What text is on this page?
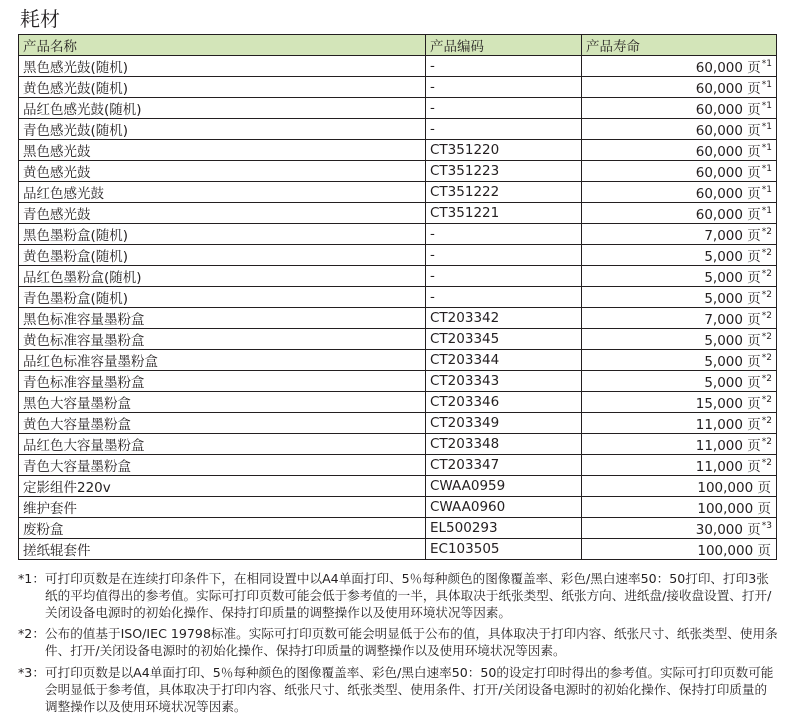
耗材
产品名称	产品编码	产品寿命
黑色感光鼓(随机)	-	60,000 页$^{*1}$
黄色感光鼓(随机)	-	60,000 页$^{*1}$
品红色感光鼓(随机)	-	60,000 页$^{*1}$
青色感光鼓(随机)	-	60,000 页$^{*1}$
黑色感光鼓	CT351220	60,000 页$^{*1}$
黄色感光鼓	CT351223	60,000 页$^{*1}$
品红色感光鼓	CT351222	60,000 页$^{*1}$
青色感光鼓	CT351221	60,000 页$^{*1}$
黑色墨粉盒(随机)	-	7,000 页$^{*2}$
黄色墨粉盒(随机)	-	5,000 页$^{*2}$
品红色墨粉盒(随机)	-	5,000 页$^{*2}$
青色墨粉盒(随机)	-	5,000 页$^{*2}$
黑色标准容量墨粉盒	CT203342	7,000 页$^{*2}$
黄色标准容量墨粉盒	CT203345	5,000 页$^{*2}$
品红色标准容量墨粉盒	CT203344	5,000 页$^{*2}$
青色标准容量墨粉盒	CT203343	5,000 页$^{*2}$
黑色大容量墨粉盒	CT203346	15,000 页$^{*2}$
黄色大容量墨粉盒	CT203349	11,000 页$^{*2}$
品红色大容量墨粉盒	CT203348	11,000 页$^{*2}$
青色大容量墨粉盒	CT203347	11,000 页$^{*2}$
定影组件220v	CWAA0959	100,000 页
维护套件	CWAA0960	100,000 页
废粉盒	EL500293	30,000 页$^{*3}$
搓纸辊套件	EC103505	100,000 页
*1： 可打印页数是在连续打印条件下，在相同设置中以A4单面打印、5％每种颜色的图像覆盖率、彩色/黑白速率50：50打印、打印3张纸的平均值得出的参考值。实际可打印页数可能会低于参考值的一半，具体取决于纸张类型、纸张方向、进纸盘/接收盘设置、打开/关闭设备电源时的初始化操作、保持打印质量的调整操作以及使用环境状况等因素。
*2： 公布的值基于ISO/IEC 19798标准。实际可打印页数可能会明显低于公布的值，具体取决于打印内容、纸张尺寸、纸张类型、使用条件、打开/关闭设备电源时的初始化操作、保持打印质量的调整操作以及使用环境状况等因素。
*3： 可打印页数是以A4单面打印、5％每种颜色的图像覆盖率、彩色/黑白速率50：50的设定打印时得出的参考值。实际可打印页数可能会明显低于参考值，具体取决于打印内容、纸张尺寸、纸张类型、使用条件、打开/关闭设备电源时的初始化操作、保持打印质量的调整操作以及使用环境状况等因素。
